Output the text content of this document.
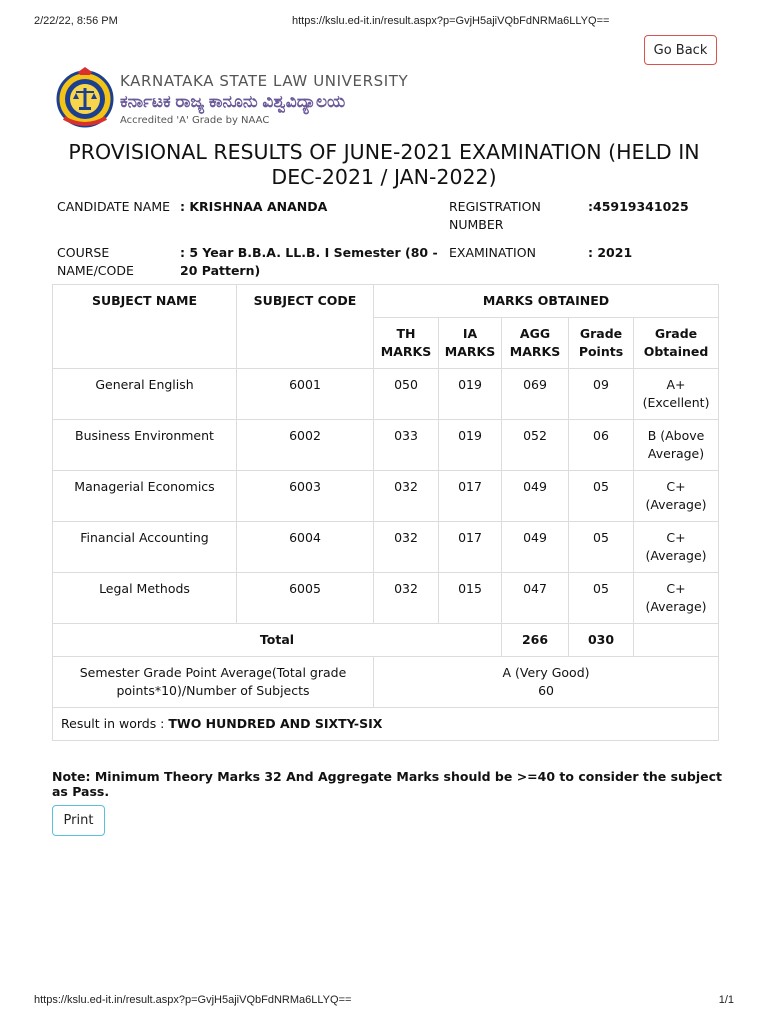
2/22/22, 8:56 PM	https://kslu.ed-it.in/result.aspx?p=GvjH5ajiVQbFdNRMa6LLYQ==
Go Back
KARNATAKA STATE LAW UNIVERSITY
ಕರ್ನಾಟಕ ರಾಜ್ಯ ಕಾನೂನು ವಿಶ್ವವಿದ್ಯಾಲಯ
Accredited 'A' Grade by NAAC
PROVISIONAL RESULTS OF JUNE-2021 EXAMINATION (HELD IN DEC-2021 / JAN-2022)
CANDIDATE NAME : KRISHNAA ANANDA	REGISTRATION NUMBER
:45919341025
COURSE NAME/CODE
: 5 Year B.B.A. LL.B. I Semester (80 - 20 Pattern)
EXAMINATION	: 2021
SUBJECT NAME	SUBJECT CODE	MARKS OBTAINED				
		TH MARKS	IA MARKS	AGG MARKS	Grade Points	Grade Obtained
General English	6001	050	019	069	09	A+ (Excellent)
Business Environment	6002	033	019	052	06	B (Above Average)
Managerial Economics	6003	032	017	049	05	C+ (Average)
Financial Accounting	6004	032	017	049	05	C+ (Average)
Legal Methods	6005	032	015	047	05	C+ (Average)
Total				266	030	
Semester Grade Point Average(Total grade points*10)/Number of Subjects		A (Very Good)
60				

Result in words : TWO HUNDRED AND SIXTY-SIX						
Note: Minimum Theory Marks 32 And Aggregate Marks should be >=40 to consider the subject as Pass.
Print
https://kslu.ed-it.in/result.aspx?p=GvjH5ajiVQbFdNRMa6LLYQ==	1/1
